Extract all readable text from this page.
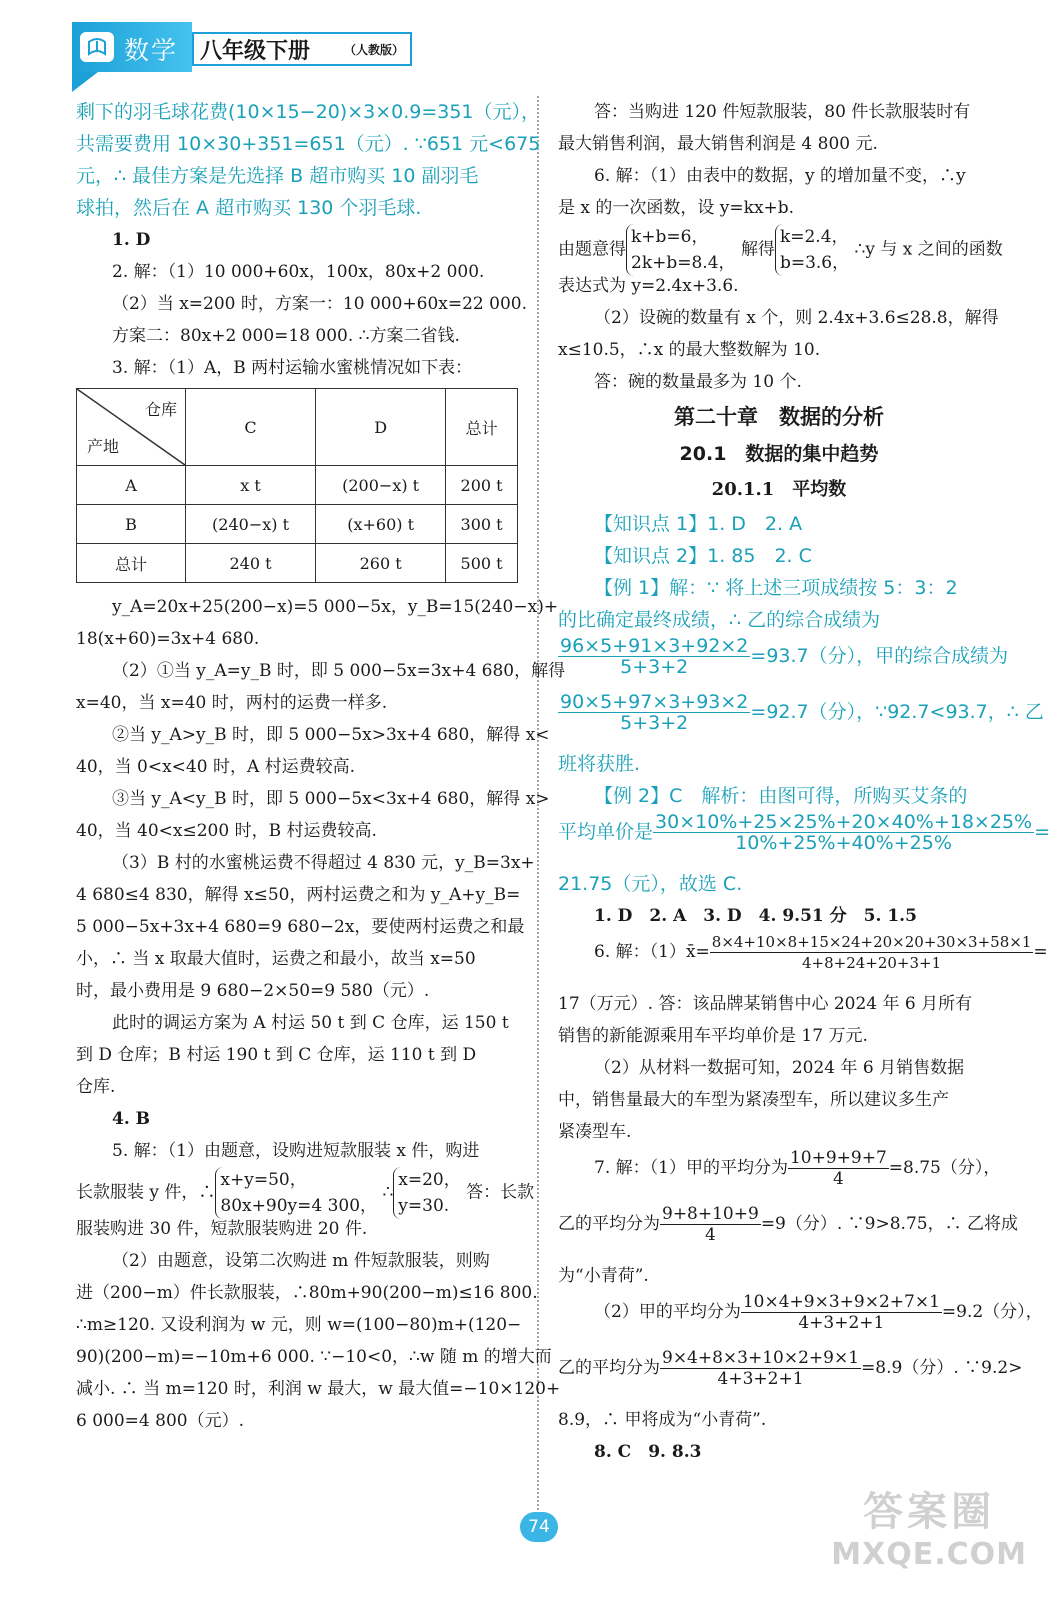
数学 八年级下册	（人教版）
剩下的羽毛球花费(10×15−20)×3×0.9=351（元），
共需要费用 10×30+351=651（元）. ∵651 元<675
元，∴ 最佳方案是先选择 B 超市购买 10 副羽毛
球拍，然后在 A 超市购买 130 个羽毛球.
1. D
2. 解：（1）10 000+60x，100x，80x+2 000.
（2）当 x=200 时，方案一：10 000+60x=22 000.
方案二：80x+2 000=18 000. ∴方案二省钱.
3. 解：（1）A，B 两村运输水蜜桃情况如下表：
仓库
产地	C	D	总计
A	x t	(200−x) t	200 t
B	(240−x) t	(x+60) t	300 t
总计	240 t	260 t	500 t
y_A=20x+25(200−x)=5 000−5x，y_B=15(240−x)+
18(x+60)=3x+4 680.
（2）①当 y_A=y_B 时，即 5 000−5x=3x+4 680，解得
x=40，当 x=40 时，两村的运费一样多.
②当 y_A>y_B 时，即 5 000−5x>3x+4 680，解得 x<
40，当 0<x<40 时，A 村运费较高.
③当 y_A<y_B 时，即 5 000−5x<3x+4 680，解得 x>
40，当 40<x≤200 时，B 村运费较高.
（3）B 村的水蜜桃运费不得超过 4 830 元，y_B=3x+
4 680≤4 830，解得 x≤50，两村运费之和为 y_A+y_B=
5 000−5x+3x+4 680=9 680−2x，要使两村运费之和最
小，∴ 当 x 取最大值时，运费之和最小，故当 x=50
时，最小费用是 9 680−2×50=9 580（元）.
此时的调运方案为 A 村运 50 t 到 C 仓库，运 150 t
到 D 仓库；B 村运 190 t 到 C 仓库，运 110 t 到 D
仓库.
4. B
5. 解：（1）由题意，设购进短款服装 x 件，购进
长款服装 y 件，∴
x+y=50，
80x+90y=4 300，
∴
x=20，
y=30.
答：长款
服装购进 30 件，短款服装购进 20 件.
（2）由题意，设第二次购进 m 件短款服装，则购
进（200−m）件长款服装，∴80m+90(200−m)≤16 800.
∴m≥120. 又设利润为 w 元，则 w=(100−80)m+(120−
90)(200−m)=−10m+6 000. ∵−10<0，∴w 随 m 的增大而
减小. ∴ 当 m=120 时，利润 w 最大，w 最大值=−10×120+
6 000=4 800（元）.
答：当购进 120 件短款服装，80 件长款服装时有
最大销售利润，最大销售利润是 4 800 元.
6. 解：（1）由表中的数据，y 的增加量不变，∴y
是 x 的一次函数，设 y=kx+b.
由题意得
k+b=6，
2k+b=8.4，
解得
k=2.4，
b=3.6，
∴y 与 x 之间的函数
表达式为 y=2.4x+3.6.
（2）设碗的数量有 x 个，则 2.4x+3.6≤28.8，解得
x≤10.5，∴x 的最大整数解为 10.
答：碗的数量最多为 10 个.
第二十章　数据的分析
20.1　数据的集中趋势
20.1.1　平均数
【知识点 1】1. D　2. A
【知识点 2】1. 85　2. C
【例 1】解：∵ 将上述三项成绩按 5：3：2
的比确定最终成绩，∴ 乙的综合成绩为
$\frac{96\times 5+91\times 3+92\times 2}{5+3+2} =93.7$（分），甲的综合成绩为
$\frac{90\times 5+97\times 3+93\times 2}{5+3+2} =92.7$（分），∵92.7<93.7，∴ 乙
班将获胜.
【例 2】C　解析：由图可得，所购买艾条的
平均单价是 $\frac{30\times 10\%+25\times 25\%+20\times 40\%+18\times 25\%}{10\%+25\%+40\%+25\%}$ =
21.75（元），故选 C.
1. D　2. A　3. D　4. 9.51 分　5. 1.5
6. 解：（1）x̄= $\frac{8\times 4+10\times 8+15\times 24+20\times 20+30\times 3+58\times 1}{4+8+24+20+3+1}$ =
17（万元）. 答：该品牌某销售中心 2024 年 6 月所有
销售的新能源乘用车平均单价是 17 万元.
（2）从材料一数据可知，2024 年 6 月销售数据
中，销售量最大的车型为紧凑型车，所以建议多生产
紧凑型车.
7. 解：（1）甲的平均分为 $\frac{10+9+9+7}{4} =8.75$（分），
乙的平均分为 $\frac{9+8+10+9}{4} =9$（分）. ∵9>8.75，∴ 乙将成
为“小青荷”.
（2）甲的平均分为 $\frac{10\times 4+9\times 3+9\times 2+7\times 1}{4+3+2+1} =9.2$（分），
乙的平均分为 $\frac{9\times 4+8\times 3+10\times 2+9\times 1}{4+3+2+1} =8.9$（分）. ∵9.2>
8.9，∴ 甲将成为“小青荷”.
8. C　9. 8.3
74	答案圈
MXQE.COM
